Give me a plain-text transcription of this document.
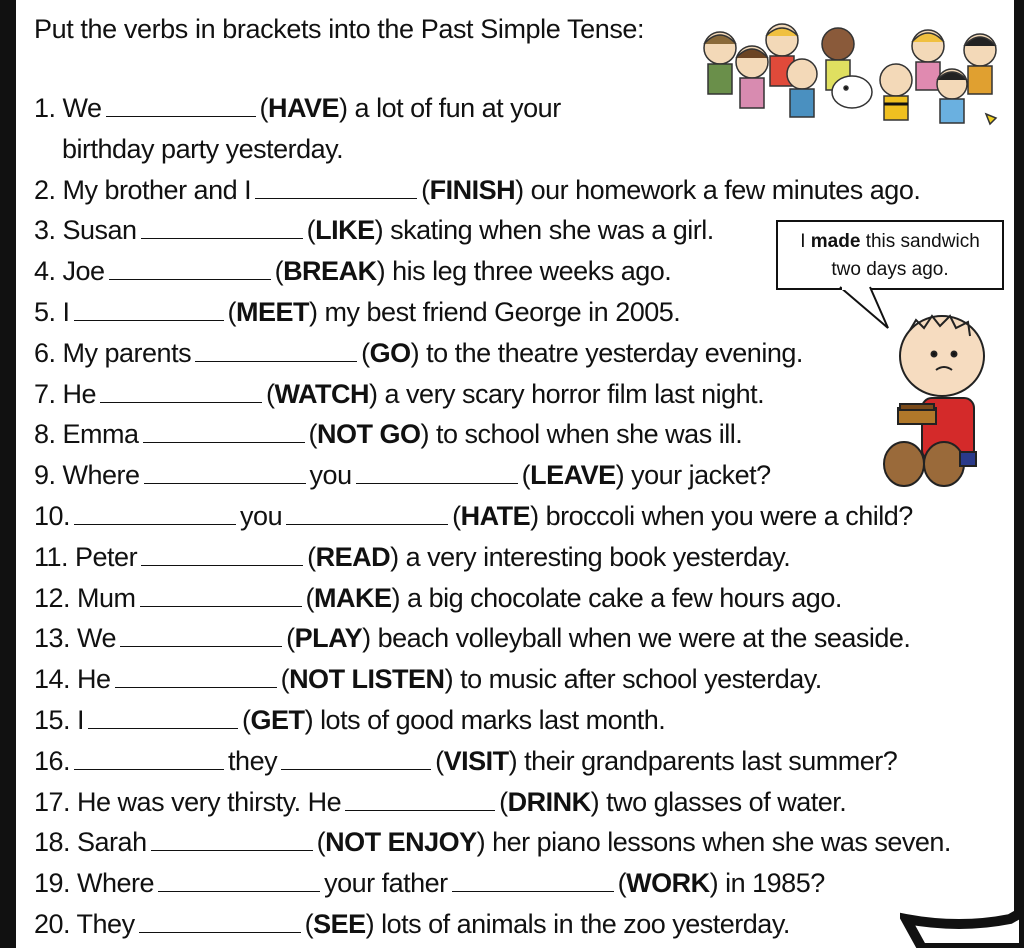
Put the verbs in brackets into the Past Simple Tense:
I made this sandwich
two days ago.
1. We	(HAVE) a lot of fun at your
birthday party yesterday.
2. My brother and I	(FINISH) our homework a few minutes ago.
3. Susan	(LIKE) skating when she was a girl.
4. Joe	(BREAK) his leg three weeks ago.
5. I	(MEET) my best friend George in 2005.
6. My parents	(GO) to the theatre yesterday evening.
7. He	(WATCH) a very scary horror film last night.
8. Emma	(NOT GO) to school when she was ill.
9. Where	you	(LEAVE) your jacket?
10.	you	(HATE) broccoli when you were a child?
11. Peter	(READ) a very interesting book yesterday.
12. Mum	(MAKE) a big chocolate cake a few hours ago.
13. We	(PLAY) beach volleyball when we were at the seaside.
14. He	(NOT LISTEN) to music after school yesterday.
15. I	(GET) lots of good marks last month.
16.	they	(VISIT) their grandparents last summer?
17. He was very thirsty. He	(DRINK) two glasses of water.
18. Sarah	(NOT ENJOY) her piano lessons when she was seven.
19. Where	your father	(WORK) in 1985?
20. They	(SEE) lots of animals in the zoo yesterday.
